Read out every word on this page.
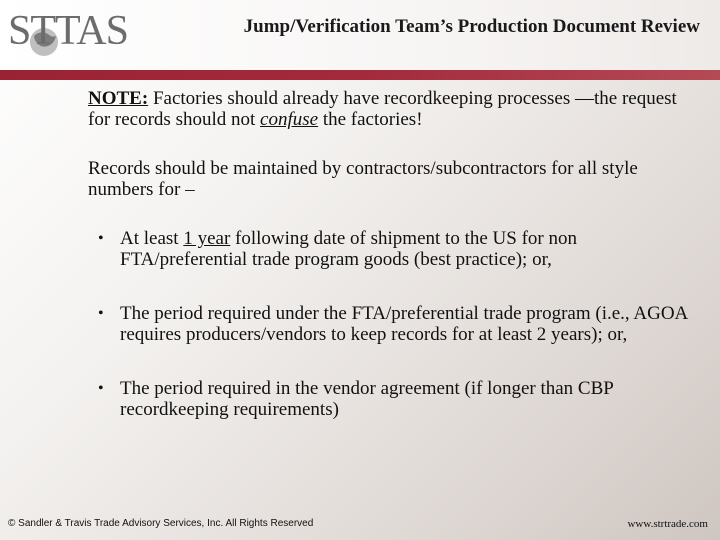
STTAS	Jump/Verification Team’s Production Document Review

NOTE: Factories should already have recordkeeping processes —the request for records should not confuse the factories!

Records should be maintained by contractors/subcontractors for all style numbers for –

• At least 1 year following date of shipment to the US for non FTA/preferential trade program goods (best practice); or,
• The period required under the FTA/preferential trade program (i.e., AGOA requires producers/vendors to keep records for at least 2 years); or,
• The period required in the vendor agreement (if longer than CBP recordkeeping requirements)
© Sandler & Travis Trade Advisory Services, Inc. All Rights Reserved	www.strtrade.com
